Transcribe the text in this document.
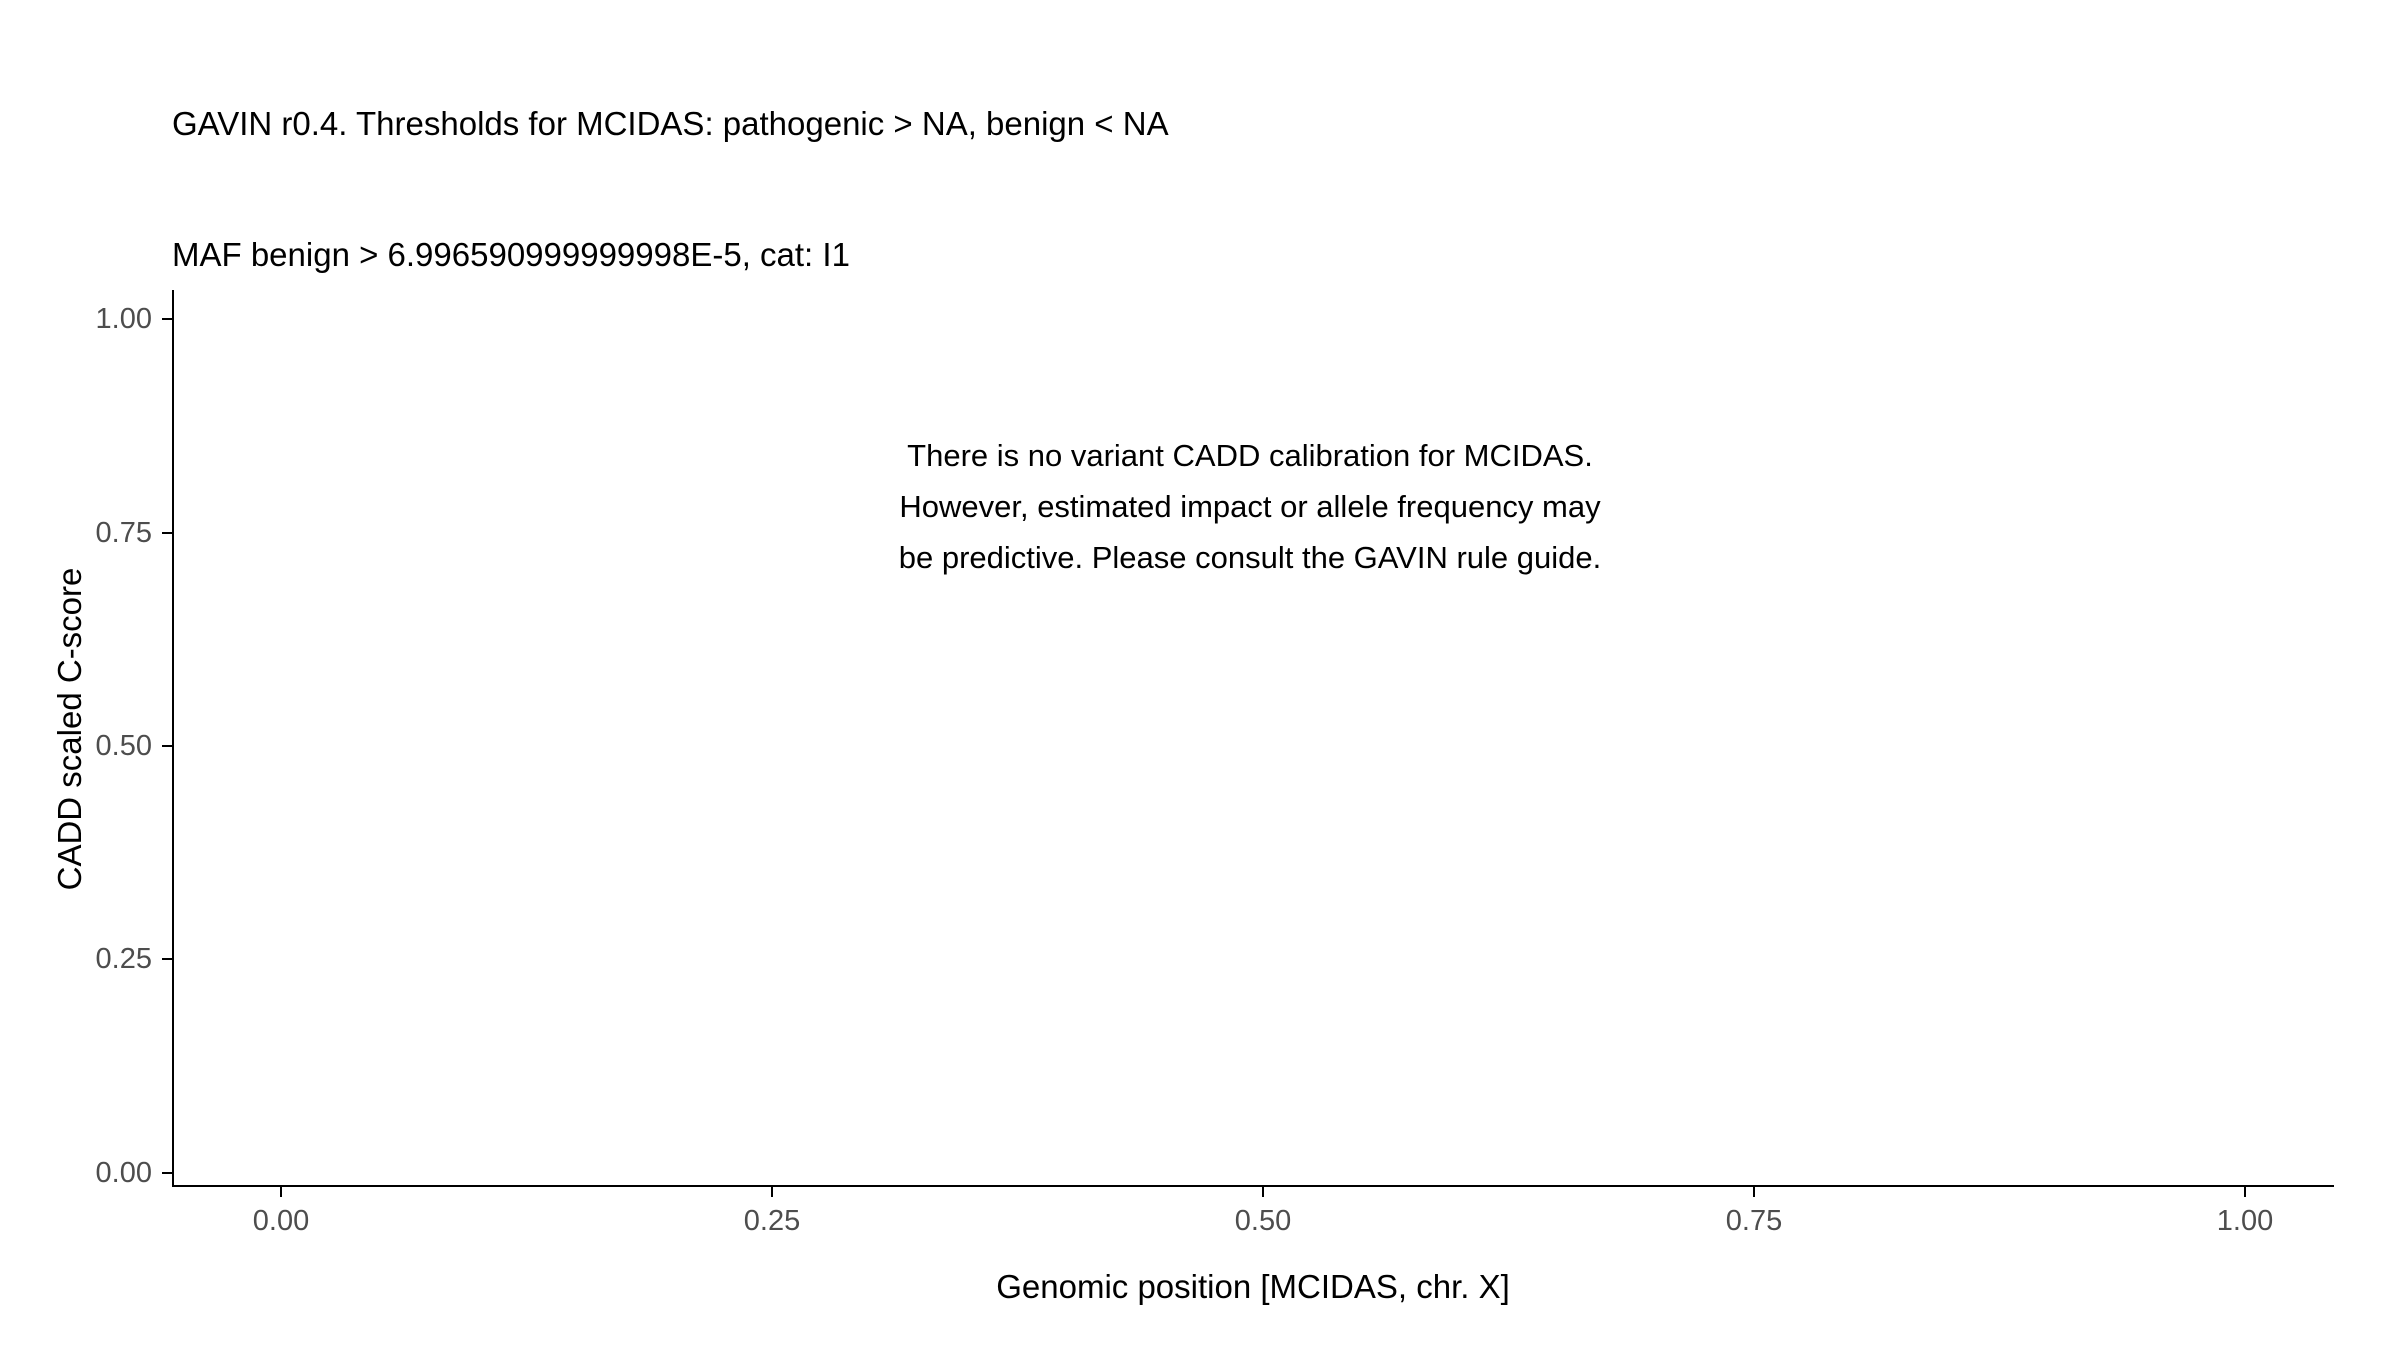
GAVIN r0.4. Thresholds for MCIDAS: pathogenic > NA, benign < NA

MAF benign > 6.996590999999998E-5, cat: I1

There is no variant CADD calibration for MCIDAS.
However, estimated impact or allele frequency may
be predictive. Please consult the GAVIN rule guide.
1.00
0.75
0.50
0.25
0.00
CADD scaled C-score
0.00	0.25	0.50	0.75	1.00
Genomic position [MCIDAS, chr. X]
